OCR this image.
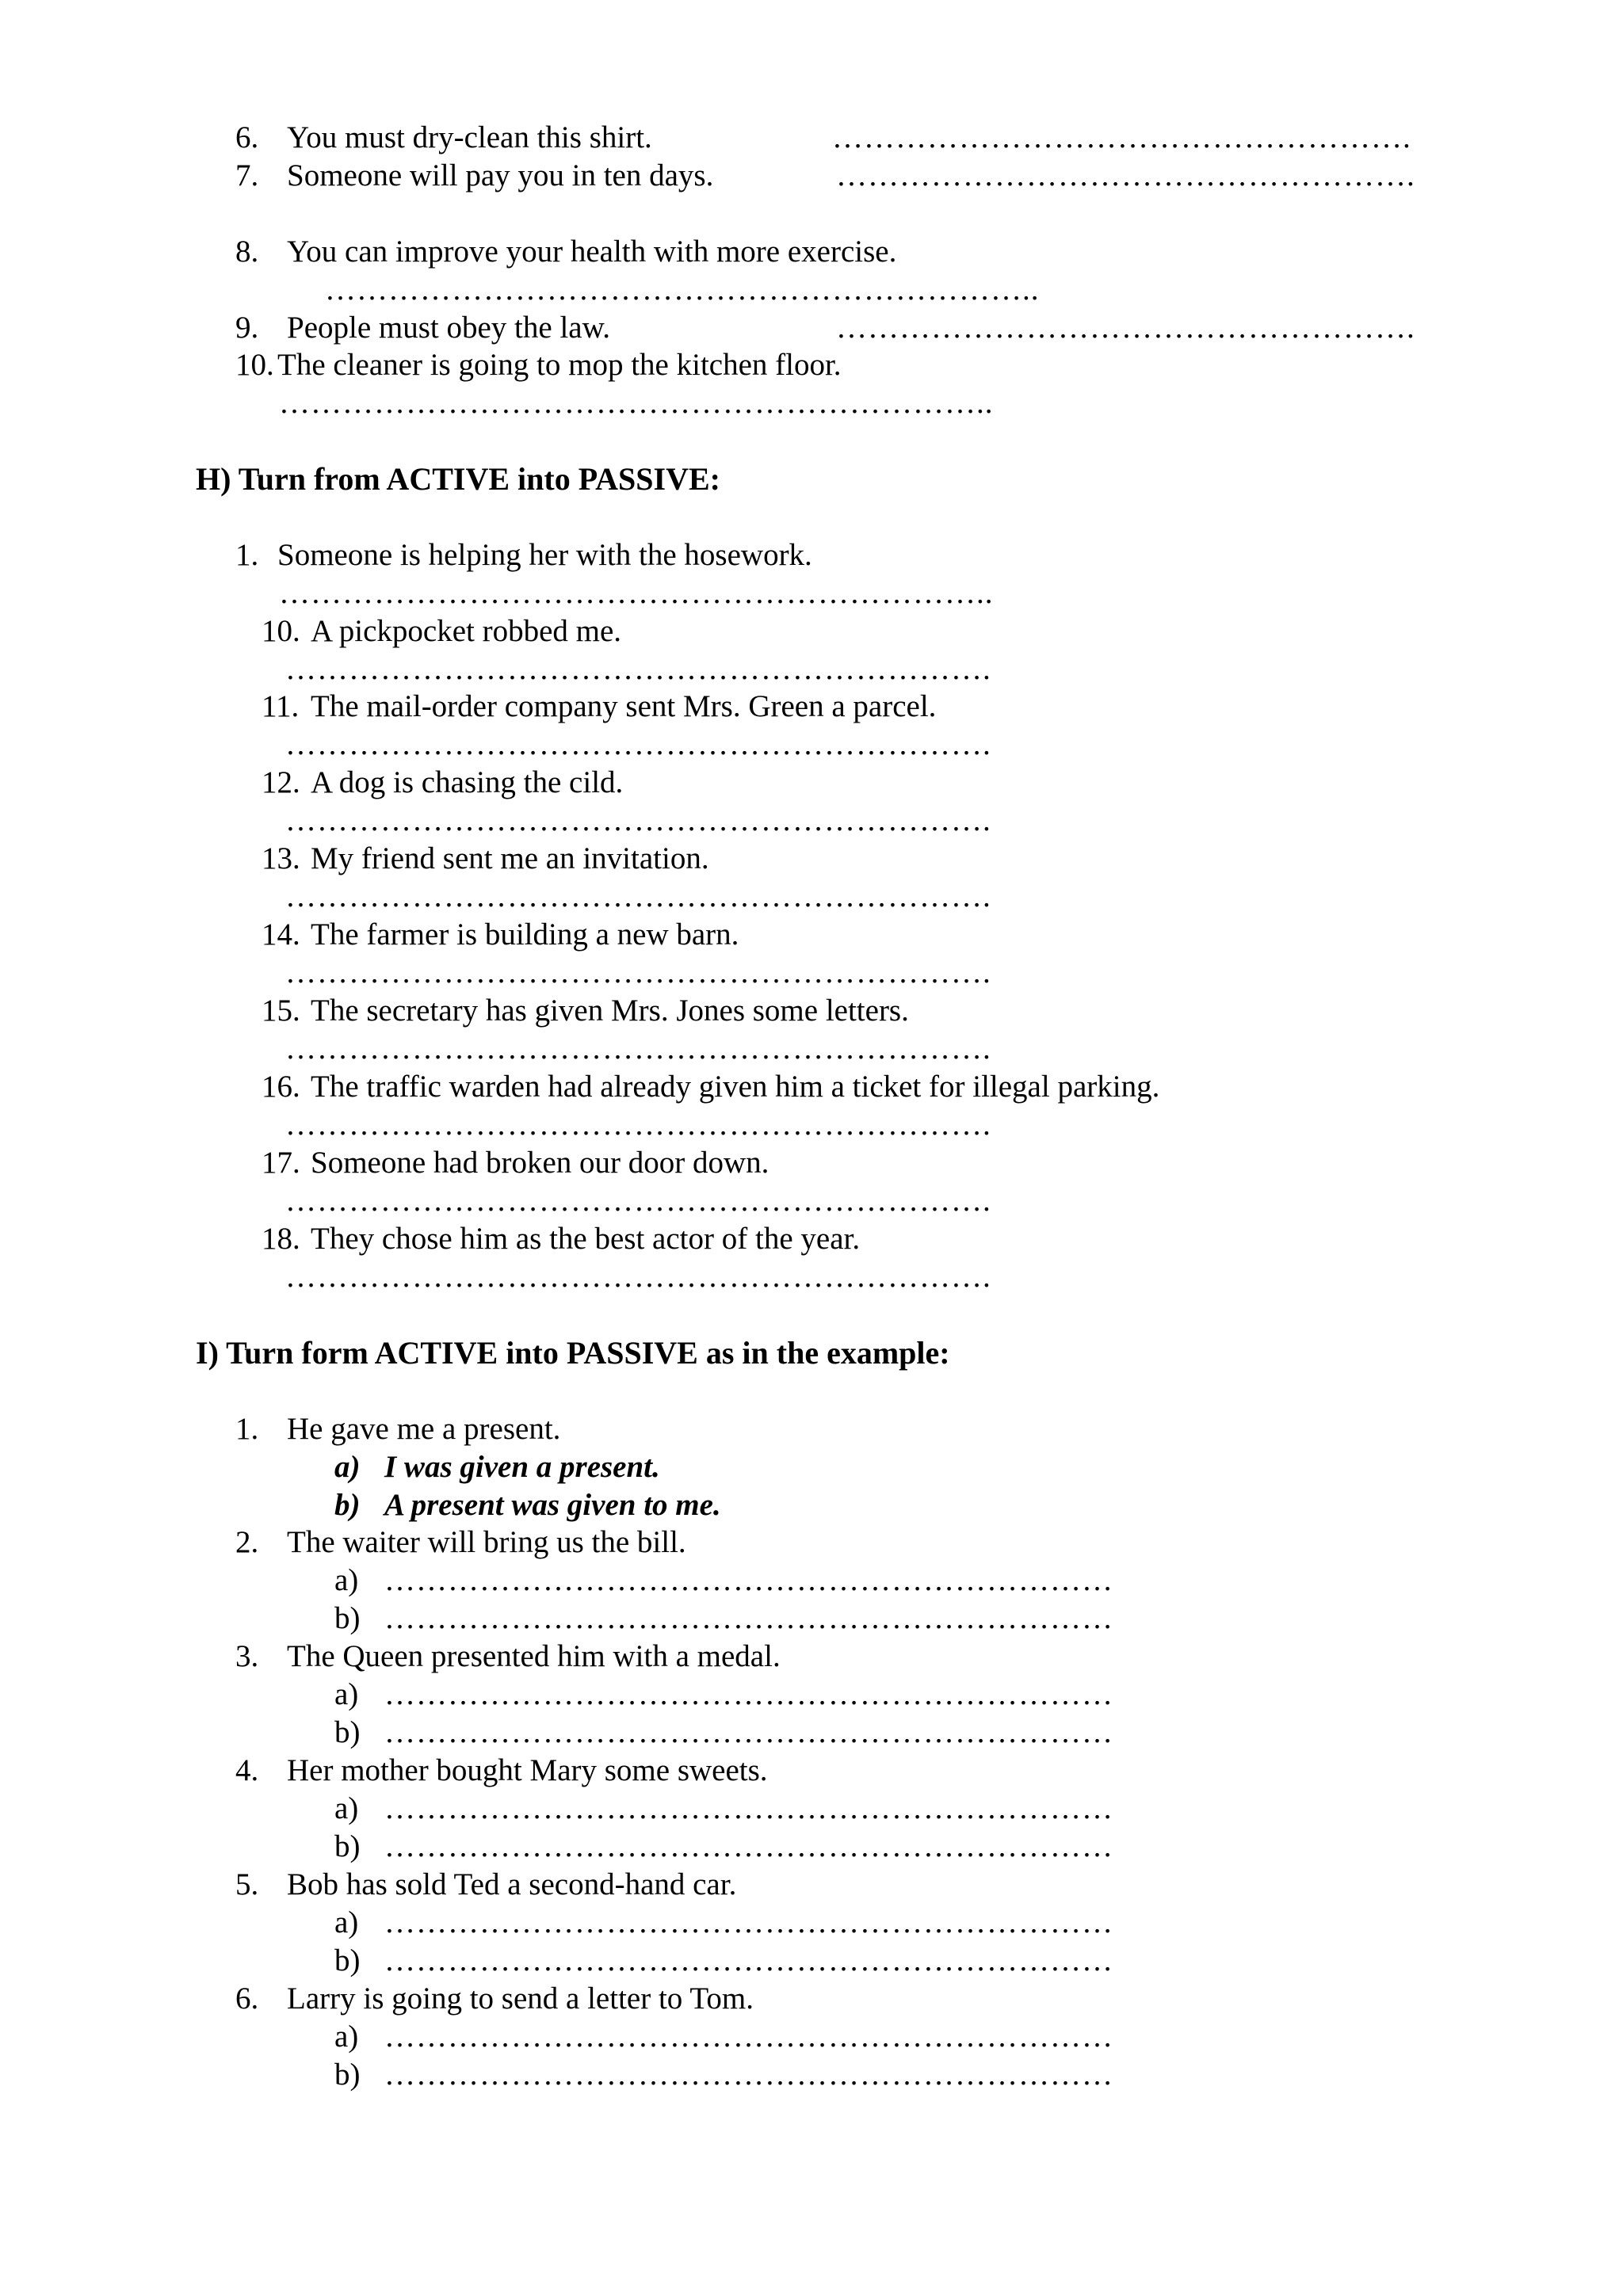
6. You must dry-clean this shirt.	……………………………………………….
7. Someone will pay you in ten days.	……………………………………………….
8. You can improve your health with more exercise.
…………………………………………………………..
9. People must obey the law.	……………………………………………….
10. The cleaner is going to mop the kitchen floor.
…………………………………………………………..
H) Turn from ACTIVE into PASSIVE:
1. Someone is helping her with the hosework.
…………………………………………………………..
10. A pickpocket robbed me.
………………………………………………………….
11. The mail-order company sent Mrs. Green a parcel.
………………………………………………………….
12. A dog is chasing the cild.
………………………………………………………….
13. My friend sent me an invitation.
………………………………………………………….
14. The farmer is building a new barn.
………………………………………………………….
15. The secretary has given Mrs. Jones some letters.
………………………………………………………….
16. The traffic warden had already given him a ticket for illegal parking.
………………………………………………………….
17. Someone had broken our door down.
………………………………………………………….
18. They chose him as the best actor of the year.
………………………………………………………….
I) Turn form ACTIVE into PASSIVE as in the example:
1. He gave me a present.
a) I was given a present.
b) A present was given to me.
2. The waiter will bring us the bill.
a) ……………………………………………………………
b) ……………………………………………………………
3. The Queen presented him with a medal.
a) ……………………………………………………………
b) ……………………………………………………………
4. Her mother bought Mary some sweets.
a) ……………………………………………………………
b) ……………………………………………………………
5. Bob has sold Ted a second-hand car.
a) ……………………………………………………………
b) ……………………………………………………………
6. Larry is going to send a letter to Tom.
a) ……………………………………………………………
b) ……………………………………………………………
